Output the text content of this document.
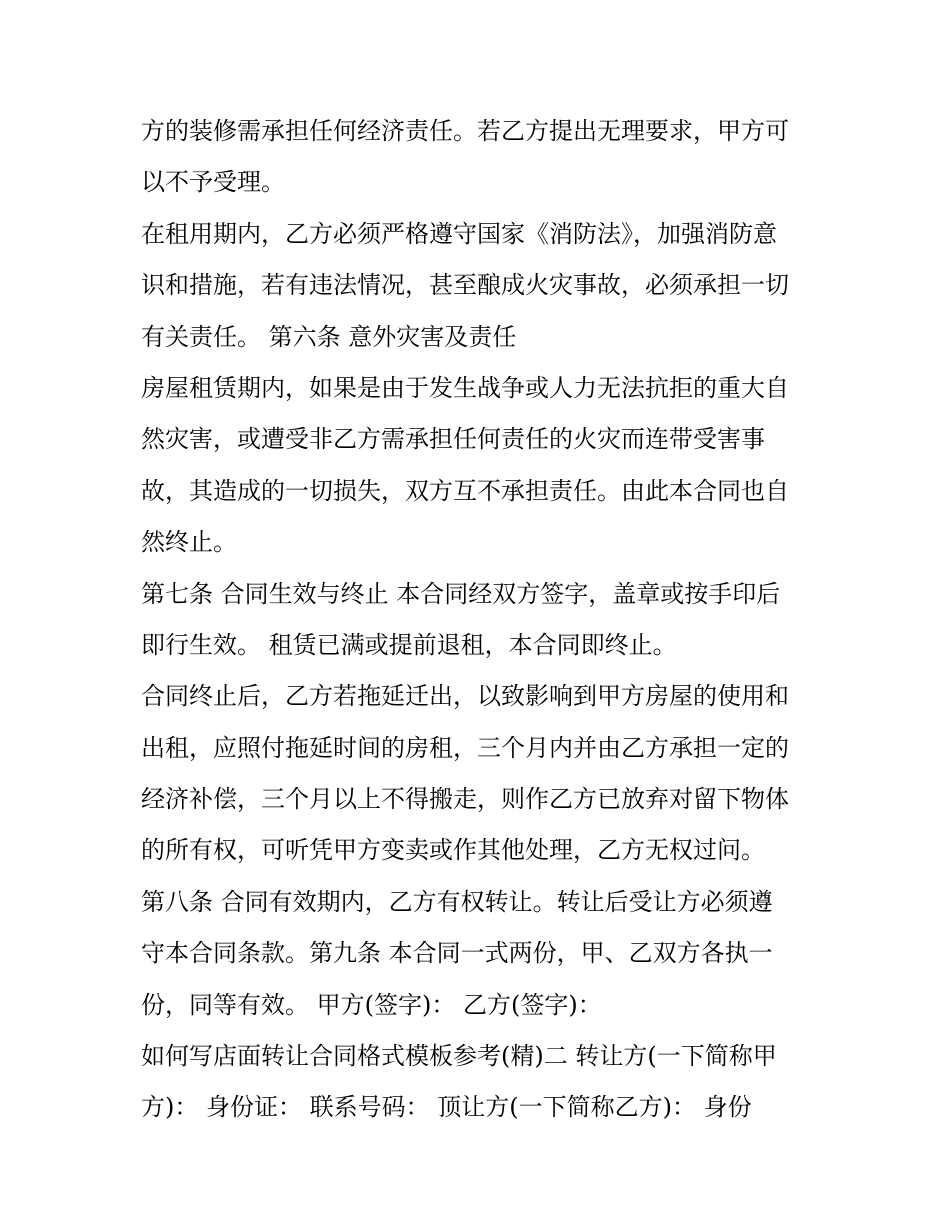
方的装修需承担任何经济责任。若乙方提出无理要求，甲方可
以不予受理。
在租用期内，乙方必须严格遵守国家《消防法》，加强消防意
识和措施，若有违法情况，甚至酿成火灾事故，必须承担一切
有关责任。 第六条 意外灾害及责任
房屋租赁期内，如果是由于发生战争或人力无法抗拒的重大自
然灾害，或遭受非乙方需承担任何责任的火灾而连带受害事
故，其造成的一切损失，双方互不承担责任。由此本合同也自
然终止。
第七条 合同生效与终止 本合同经双方签字，盖章或按手印后
即行生效。 租赁已满或提前退租，本合同即终止。
合同终止后，乙方若拖延迁出，以致影响到甲方房屋的使用和
出租，应照付拖延时间的房租，三个月内并由乙方承担一定的
经济补偿，三个月以上不得搬走，则作乙方已放弃对留下物体
的所有权，可听凭甲方变卖或作其他处理，乙方无权过问。
第八条 合同有效期内，乙方有权转让。转让后受让方必须遵
守本合同条款。第九条 本合同一式两份，甲、乙双方各执一
份，同等有效。 甲方(签字)： 乙方(签字)：
如何写店面转让合同格式模板参考(精)二 转让方(一下简称甲
方)： 身份证： 联系号码： 顶让方(一下简称乙方)： 身份
